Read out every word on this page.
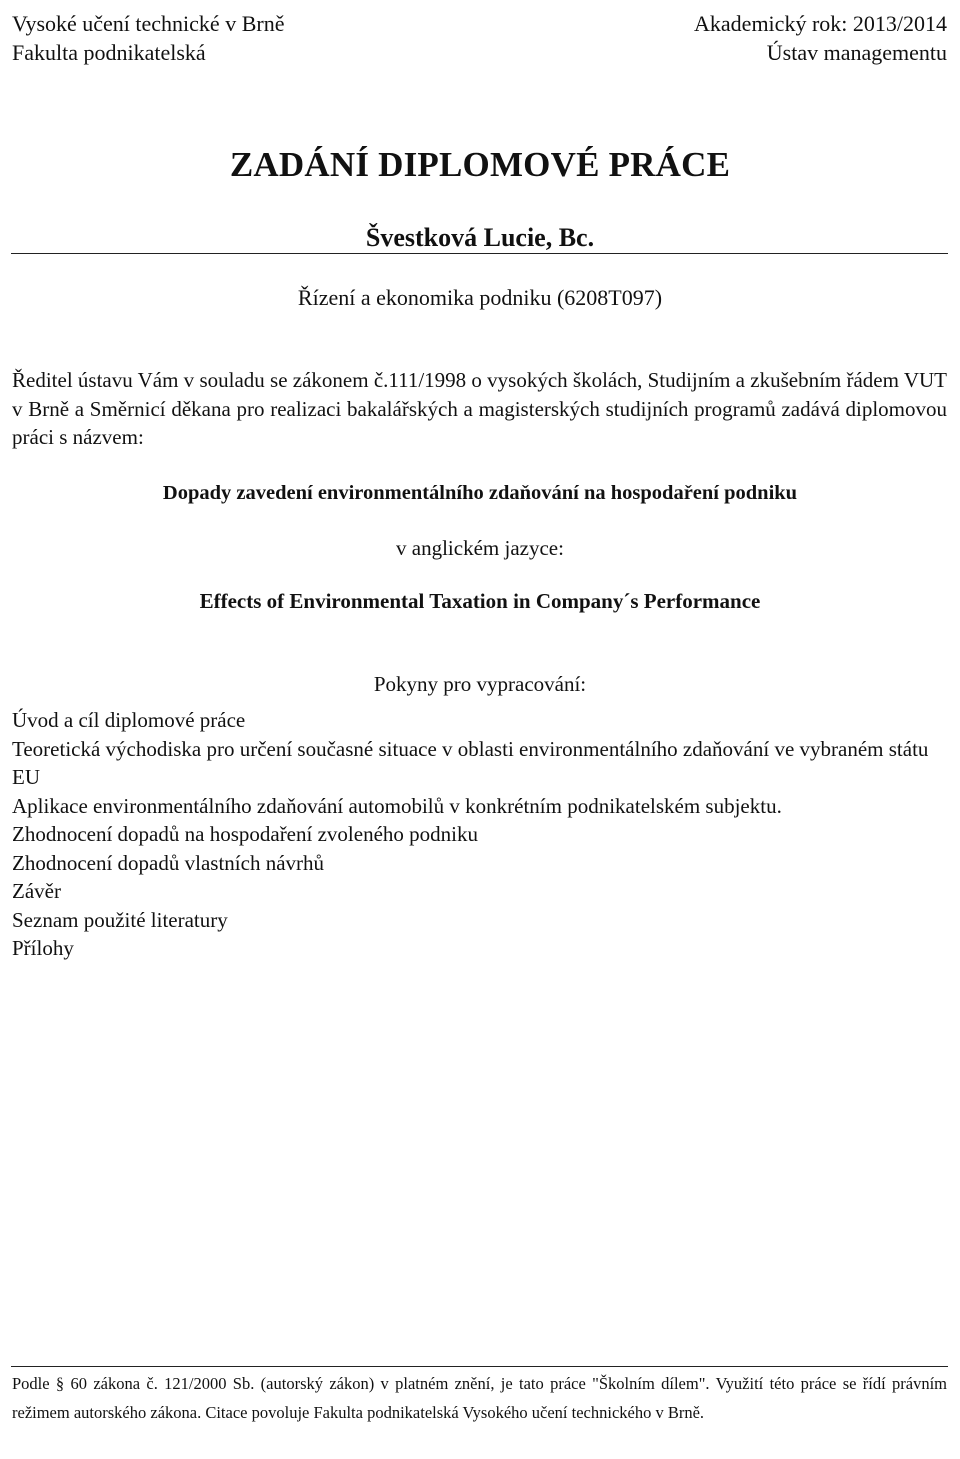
Vysoké učení technické v Brně
Fakulta podnikatelská
Akademický rok: 2013/2014
Ústav managementu
ZADÁNÍ DIPLOMOVÉ PRÁCE
Švestková Lucie, Bc.
Řízení a ekonomika podniku (6208T097)
Ředitel ústavu Vám v souladu se zákonem č.111/1998 o vysokých školách, Studijním a zkušebním řádem VUT v Brně a Směrnicí děkana pro realizaci bakalářských a magisterských studijních programů zadává diplomovou práci s názvem:
Dopady zavedení environmentálního zdaňování na hospodaření podniku
v anglickém jazyce:
Effects of Environmental Taxation in Company´s Performance
Pokyny pro vypracování:
Úvod a cíl diplomové práce
Teoretická východiska pro určení současné situace v oblasti environmentálního zdaňování ve vybraném státu EU
Aplikace environmentálního zdaňování automobilů v konkrétním podnikatelském subjektu.
Zhodnocení dopadů na hospodaření zvoleného podniku
Zhodnocení dopadů vlastních návrhů
Závěr
Seznam použité literatury
Přílohy
Podle § 60 zákona č. 121/2000 Sb. (autorský zákon) v platném znění, je tato práce "Školním dílem". Využití této práce se řídí právním režimem autorského zákona. Citace povoluje Fakulta podnikatelská Vysokého učení technického v Brně.
